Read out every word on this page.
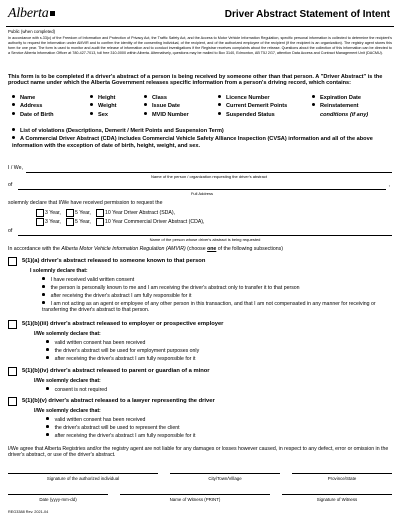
Alberta	Driver Abstract Statement of Intent
Public (when completed)
In accordance with s.33(c) of the Freedom of Information and Protection of Privacy Act, the Traffic Safety Act, and the Access to Motor Vehicle Information Regulation, specific personal information is collected to determine the recipient's authority to request the information under AMVIR and to confirm the identity of the consenting individual, of the recipient, and of the authorized employee of the recipient (if the recipient is an organization). The registry agent stores this form for one year. The form is used to monitor and audit the release of information and to conduct investigations if the Registrar receives complaints about the release. Questions about the collection of this information can be directed to a Service Alberta Information Officer at 780-427-7013, toll free 310-0000 within Alberta. Alternatively, questions may be mailed to Box 3140, Edmonton, AB T5J 2G7, attention Data Access and Contract Management Unit (DACMU).
This form is to be completed if a driver's abstract of a person is being received by someone other than that person. A "Driver Abstract" is the product name under which the Alberta Government releases specific information from a person's driving record, which contains:
Name	Height	Class	Licence Number	Expiration Date
Address	Weight	Issue Date	Current Demerit Points	Reinstatement
Date of Birth	Sex	MVID Number	Suspended Status	conditions (if any)
List of violations (Descriptions, Demerit / Merit Points and Suspension Term)
A Commercial Driver Abstract (CDA) includes Commercial Vehicle Safety Alliance Inspection (CVSA) information and all of the above information with the exception of date of birth, height, weight, and sex.
I / We,
Name of the person / organization requesting the driver's abstract
of	,
Full Address
solemnly declare that I/We have received permission to request the
3 Year,	5 Year,	10 Year Driver Abstract (SDA),
3 Year,	5 Year,	10 Year Commercial Driver Abstract (CDA),
of
Name of the person whose driver's abstract is being requested
In accordance with the Alberta Motor Vehicle Information Regulation (AMVIR) (choose one of the following subsections)
5(1)(a) driver's abstract released to someone known to that person
I solemnly declare that:
I have received valid written consent
the person is personally known to me and I am receiving the driver's abstract only to transfer it to that person
after receiving the driver's abstract I am fully responsible for it
I am not acting as an agent or employee of any other person in this transaction, and that I am not compensated in any manner for receiving or transferring the driver's abstract to that person.
5(1)(b)(iii) driver's abstract released to employer or prospective employer
I/We solemnly declare that:
valid written consent has been received
the driver's abstract will be used for employment purposes only
after receiving the driver's abstract I am fully responsible for it
5(1)(b)(iv) driver's abstract released to parent or guardian of a minor
I/We solemnly declare that:
consent is not required
5(1)(b)(v) driver's abstract released to a lawyer representing the driver
I/We solemnly declare that:
valid written consent has been received
the driver's abstract will be used to represent the client
after receiving the driver's abstract I am fully responsible for it
I/We agree that Alberta Registries and/or the registry agent are not liable for any damages or losses however caused, in respect to any defect, error or omission in the driver's abstract, or use of the driver's abstract.
Signature of the authorized individual	City/Town/Village	Province/State
Date (yyyy-mm-dd)	Name of Witness (PRINT)	Signature of Witness
REG3388 Rev. 2021-04
